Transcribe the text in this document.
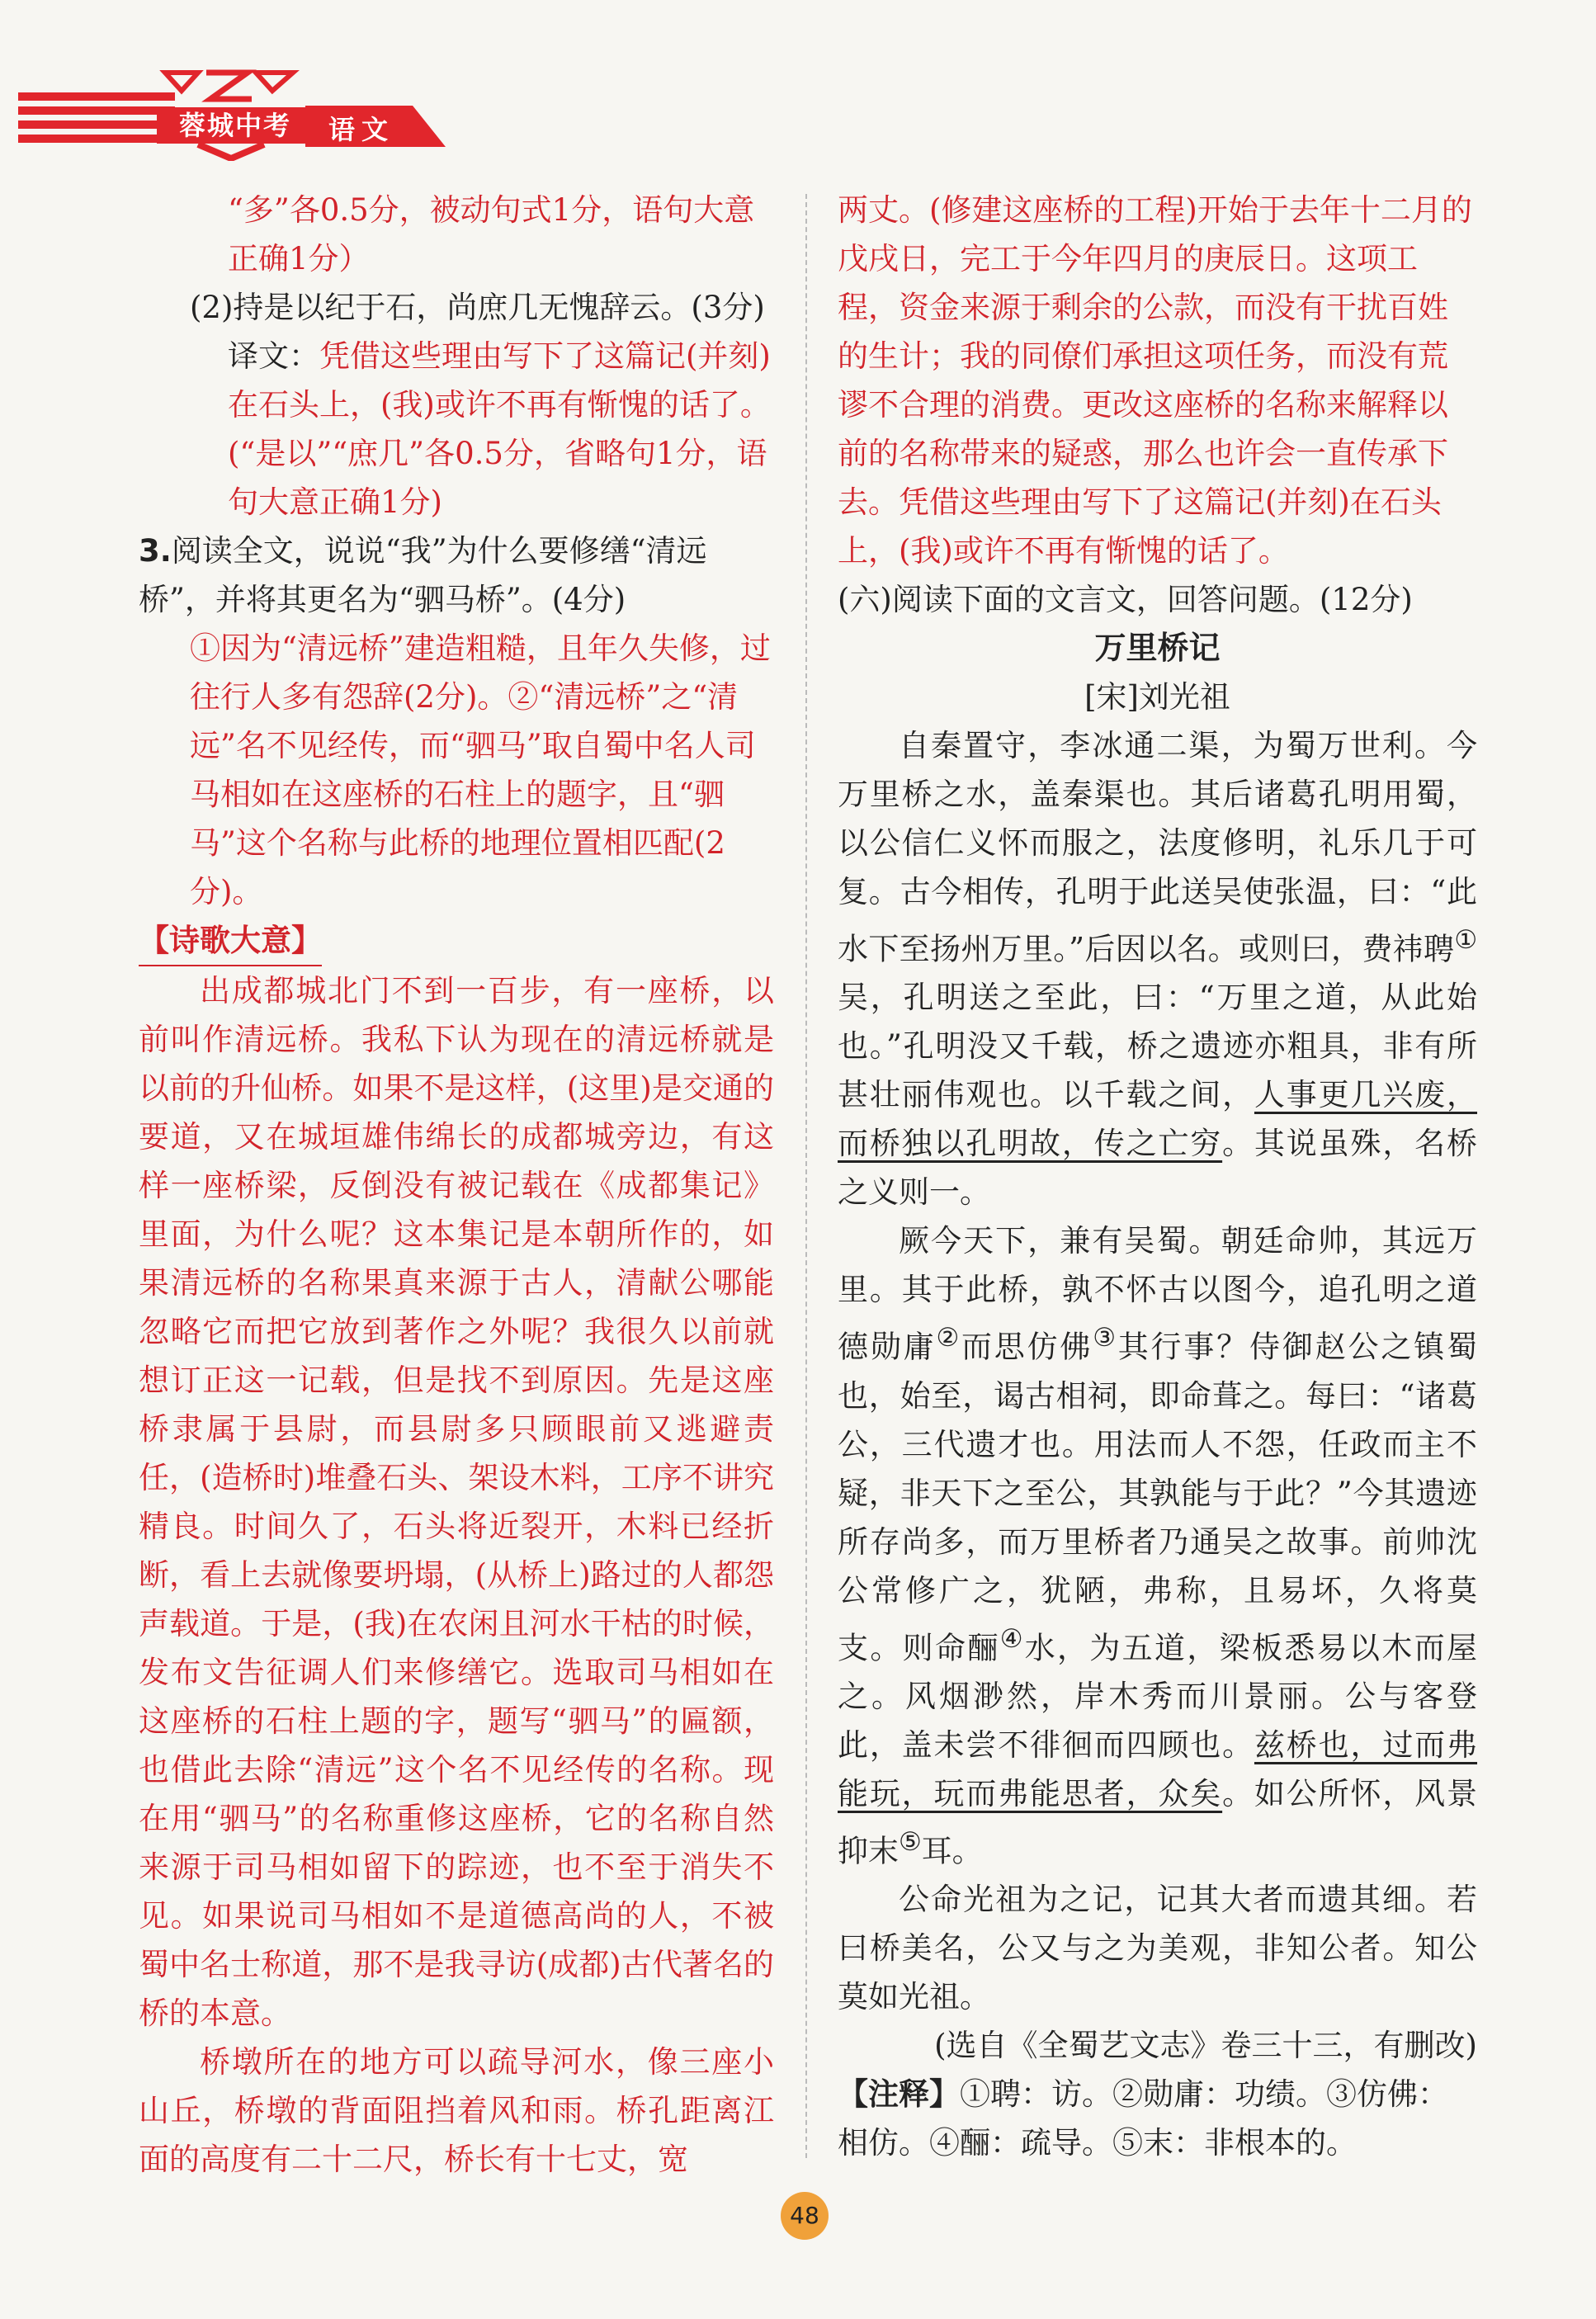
蓉城中考	语文

“多”各0.5分，被动句式1分，语句大意正确1分）

(2)持是以纪于石，尚庶几无愧辞云。(3分)

译文：凭借这些理由写下了这篇记(并刻)在石头上，(我)或许不再有惭愧的话了。(“是以”“庶几”各0.5分，省略句1分，语句大意正确1分)

3.阅读全文，说说“我”为什么要修缮“清远桥”，并将其更名为“驷马桥”。(4分)

①因为“清远桥”建造粗糙，且年久失修，过往行人多有怨辞(2分)。②“清远桥”之“清远”名不见经传，而“驷马”取自蜀中名人司马相如在这座桥的石柱上的题字，且“驷马”这个名称与此桥的地理位置相匹配(2分)。

【诗歌大意】

出成都城北门不到一百步，有一座桥，以前叫作清远桥。我私下认为现在的清远桥就是以前的升仙桥。如果不是这样，(这里)是交通的要道，又在城垣雄伟绵长的成都城旁边，有这样一座桥梁，反倒没有被记载在《成都集记》里面，为什么呢？这本集记是本朝所作的，如果清远桥的名称果真来源于古人，清献公哪能忽略它而把它放到著作之外呢？我很久以前就想订正这一记载，但是找不到原因。先是这座桥隶属于县尉，而县尉多只顾眼前又逃避责任，(造桥时)堆叠石头、架设木料，工序不讲究精良。时间久了，石头将近裂开，木料已经折断，看上去就像要坍塌，(从桥上)路过的人都怨声载道。于是，(我)在农闲且河水干枯的时候，发布文告征调人们来修缮它。选取司马相如在这座桥的石柱上题的字，题写“驷马”的匾额，也借此去除“清远”这个名不见经传的名称。现在用“驷马”的名称重修这座桥，它的名称自然来源于司马相如留下的踪迹，也不至于消失不见。如果说司马相如不是道德高尚的人，不被蜀中名士称道，那不是我寻访(成都)古代著名的桥的本意。

桥墩所在的地方可以疏导河水，像三座小山丘，桥墩的背面阻挡着风和雨。桥孔距离江面的高度有二十二尺，桥长有十七丈，宽

两丈。(修建这座桥的工程)开始于去年十二月的戊戌日，完工于今年四月的庚辰日。这项工程，资金来源于剩余的公款，而没有干扰百姓的生计；我的同僚们承担这项任务，而没有荒谬不合理的消费。更改这座桥的名称来解释以前的名称带来的疑惑，那么也许会一直传承下去。凭借这些理由写下了这篇记(并刻)在石头上，(我)或许不再有惭愧的话了。

(六)阅读下面的文言文，回答问题。(12分)

万里桥记

[宋]刘光祖

自秦置守，李冰通二渠，为蜀万世利。今万里桥之水，盖秦渠也。其后诸葛孔明用蜀，以公信仁义怀而服之，法度修明，礼乐几于可复。古今相传，孔明于此送吴使张温，曰：“此水下至扬州万里。”后因以名。或则曰，费祎聘①吴，孔明送之至此，曰：“万里之道，从此始也。”孔明没又千载，桥之遗迹亦粗具，非有所甚壮丽伟观也。以千载之间，人事更几兴废，而桥独以孔明故，传之亡穷。其说虽殊，名桥之义则一。

厥今天下，兼有吴蜀。朝廷命帅，其远万里。其于此桥，孰不怀古以图今，追孔明之道德勋庸②而思仿佛③其行事？侍御赵公之镇蜀也，始至，谒古相祠，即命葺之。每曰：“诸葛公，三代遗才也。用法而人不怨，任政而主不疑，非天下之至公，其孰能与于此？”今其遗迹所存尚多，而万里桥者乃通吴之故事。前帅沈公常修广之，犹陋，弗称，且易坏，久将莫支。则命酾④水，为五道，梁板悉易以木而屋之。风烟渺然，岸木秀而川景丽。公与客登此，盖未尝不徘徊而四顾也。兹桥也，过而弗能玩，玩而弗能思者，众矣。如公所怀，风景抑末⑤耳。

公命光祖为之记，记其大者而遗其细。若曰桥美名，公又与之为美观，非知公者。知公莫如光祖。

(选自《全蜀艺文志》卷三十三，有删改)

【注释】①聘：访。②勋庸：功绩。③仿佛：相仿。④酾：疏导。⑤末：非根本的。

48
